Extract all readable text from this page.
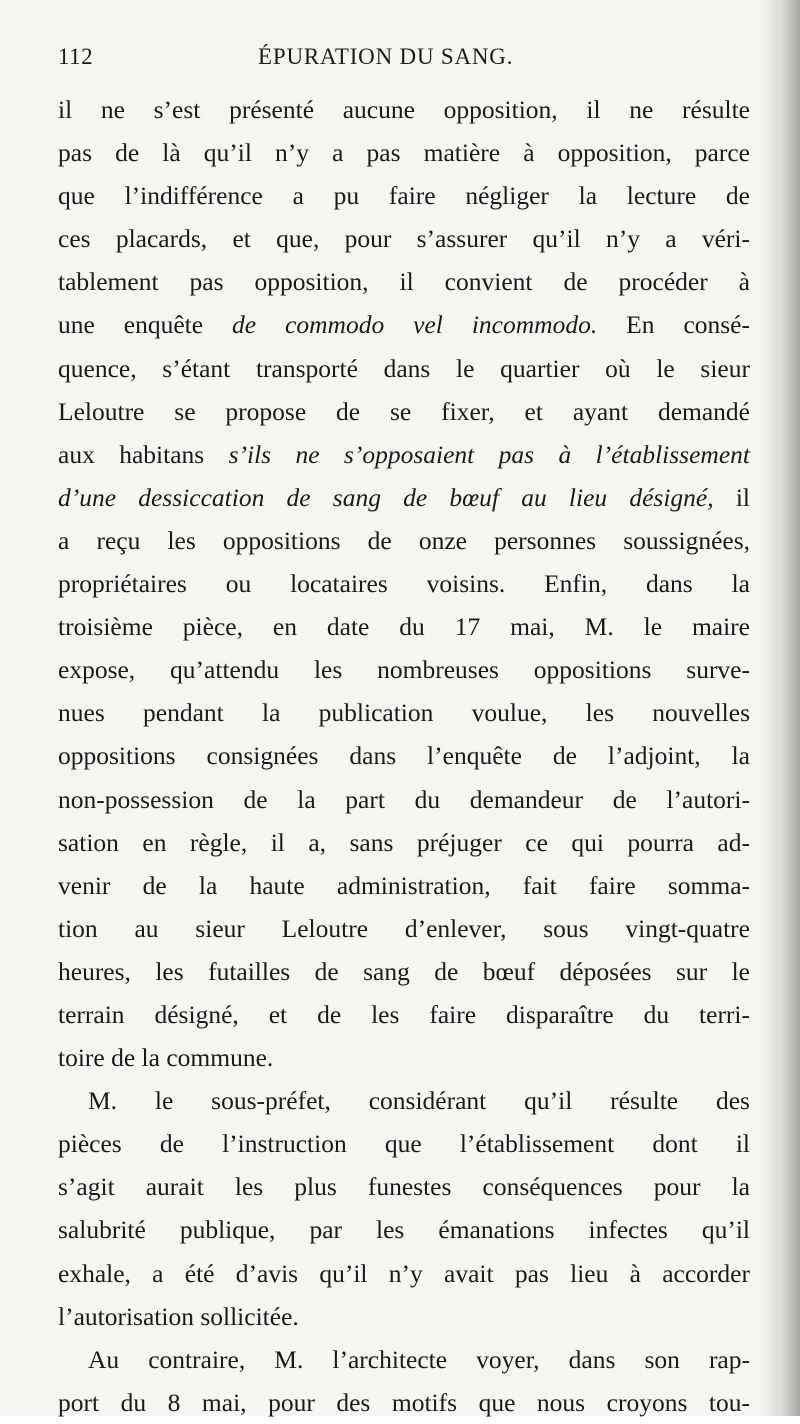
112	ÉPURATION DU SANG.
il ne s’est présenté aucune opposition, il ne résulte
pas de là qu’il n’y a pas matière à opposition, parce
que l’indifférence a pu faire négliger la lecture de
ces placards, et que, pour s’assurer qu’il n’y a véri-
tablement pas opposition, il convient de procéder à
une enquête de commodo vel incommodo. En consé-
quence, s’étant transporté dans le quartier où le sieur
Leloutre se propose de se fixer, et ayant demandé
aux habitans s’ils ne s’opposaient pas à l’établissement
d’une dessiccation de sang de bœuf au lieu désigné, il
a reçu les oppositions de onze personnes soussignées,
propriétaires ou locataires voisins. Enfin, dans la
troisième pièce, en date du 17 mai, M. le maire
expose, qu’attendu les nombreuses oppositions surve-
nues pendant la publication voulue, les nouvelles
oppositions consignées dans l’enquête de l’adjoint, la
non-possession de la part du demandeur de l’autori-
sation en règle, il a, sans préjuger ce qui pourra ad-
venir de la haute administration, fait faire somma-
tion au sieur Leloutre d’enlever, sous vingt-quatre
heures, les futailles de sang de bœuf déposées sur le
terrain désigné, et de les faire disparaître du terri-
toire de la commune.
M. le sous-préfet, considérant qu’il résulte des
pièces de l’instruction que l’établissement dont il
s’agit aurait les plus funestes conséquences pour la
salubrité publique, par les émanations infectes qu’il
exhale, a été d’avis qu’il n’y avait pas lieu à accorder
l’autorisation sollicitée.
Au contraire, M. l’architecte voyer, dans son rap-
port du 8 mai, pour des motifs que nous croyons tou-
